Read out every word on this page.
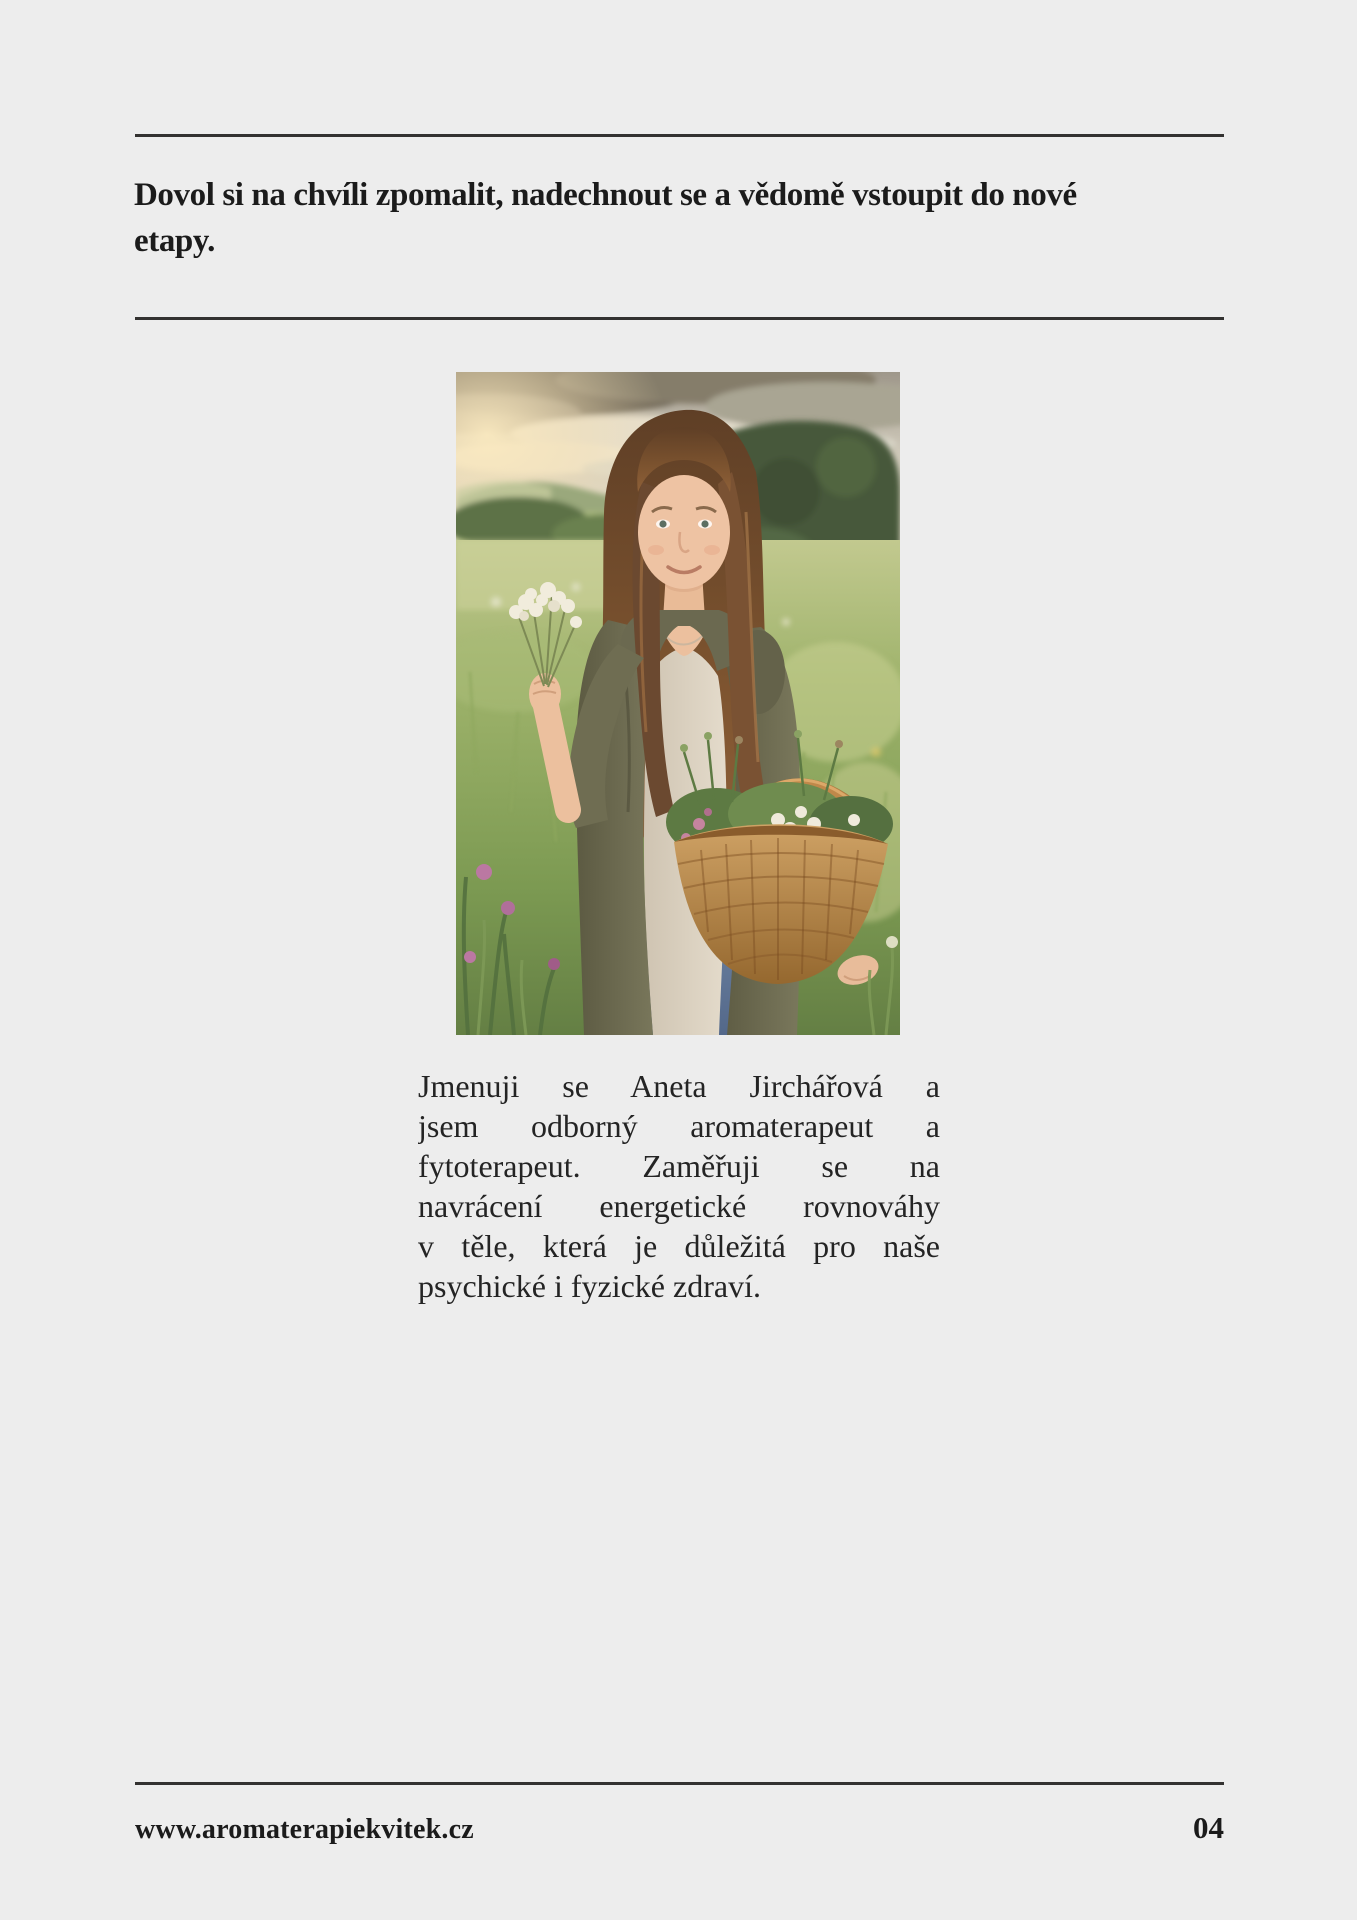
Dovol si na chvíli zpomalit, nadechnout se a vědomě vstoupit do nové
etapy.
Jmenuji se Aneta Jirchářová a
jsem odborný aromaterapeut a
fytoterapeut. Zaměřuji se na
navrácení energetické rovnováhy
v těle, která je důležitá pro naše
psychické i fyzické zdraví.
www.aromaterapiekvitek.cz	04
